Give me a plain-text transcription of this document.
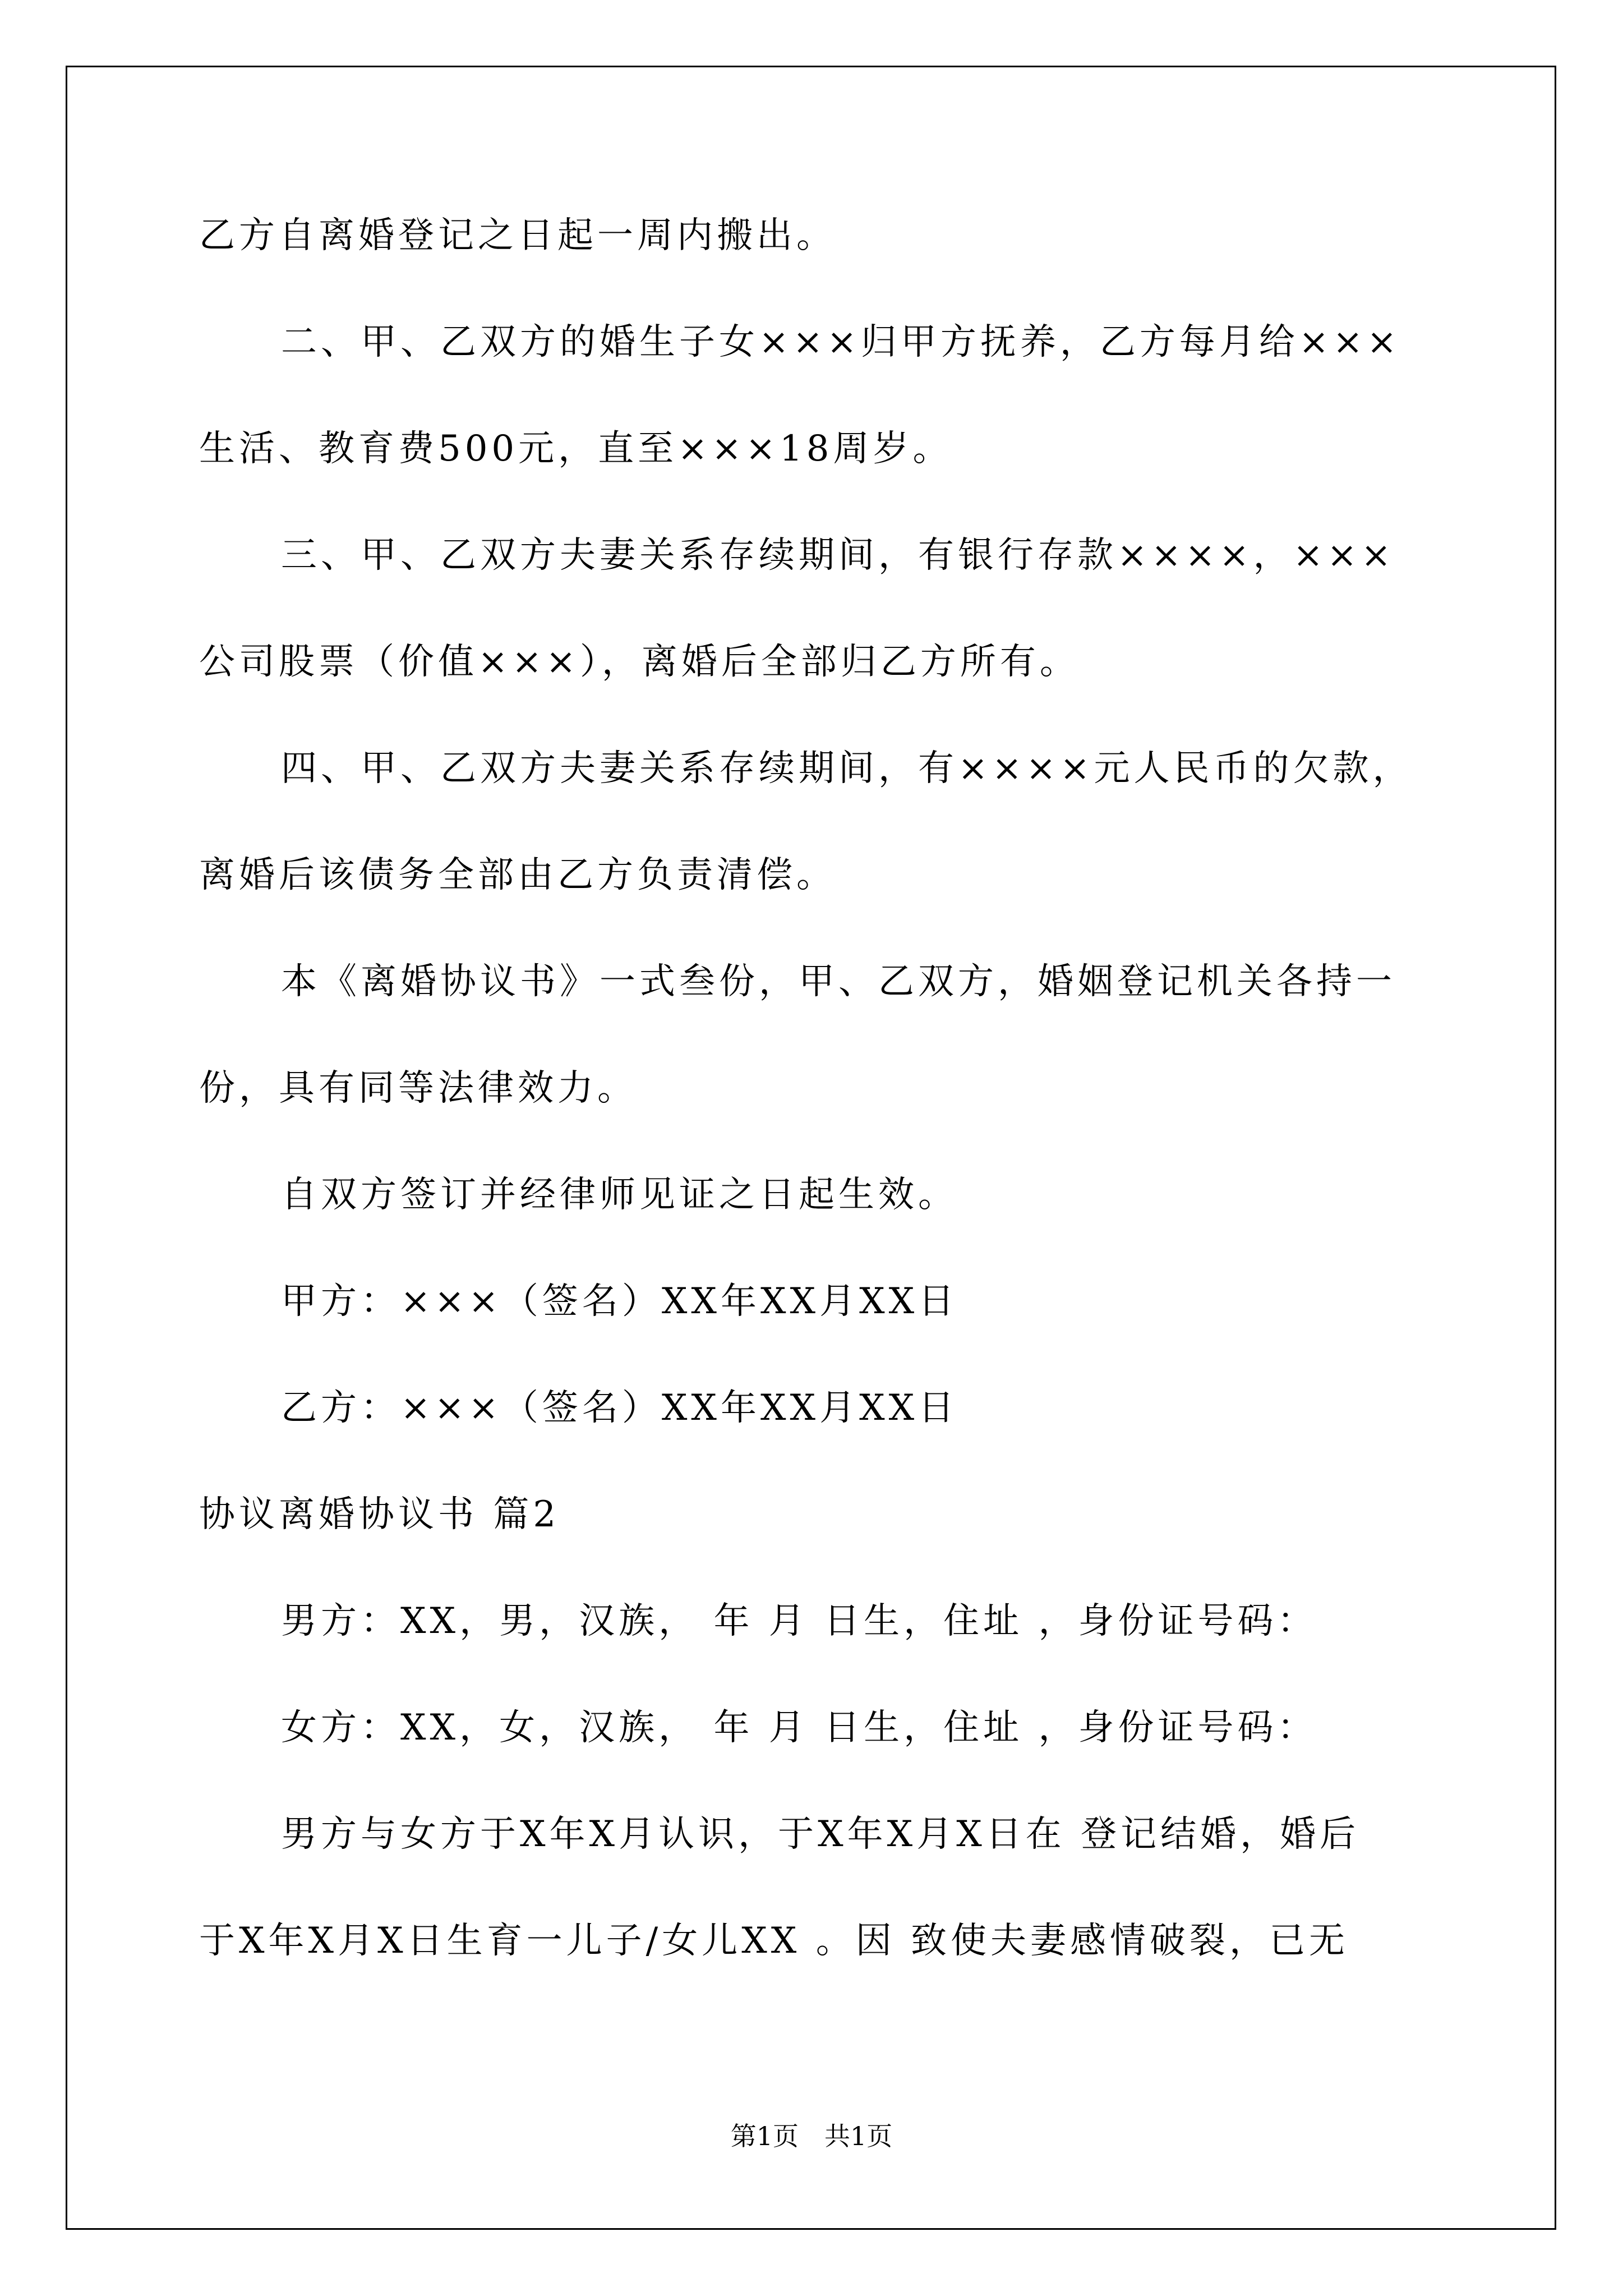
乙方自离婚登记之日起一周内搬出。
二、甲、乙双方的婚生子女×××归甲方抚养，乙方每月给×××
生活、教育费500元，直至×××18周岁。
三、甲、乙双方夫妻关系存续期间，有银行存款××××，×××
公司股票（价值×××），离婚后全部归乙方所有。
四、甲、乙双方夫妻关系存续期间，有××××元人民币的欠款，
离婚后该债务全部由乙方负责清偿。
本《离婚协议书》一式叁份，甲、乙双方，婚姻登记机关各持一
份，具有同等法律效力。
自双方签订并经律师见证之日起生效。
甲方：×××（签名）XX年XX月XX日
乙方：×××（签名）XX年XX月XX日
协议离婚协议书 篇2
男方：XX，男，汉族， 年 月 日生，住址 ，身份证号码：
女方：XX，女，汉族， 年 月 日生，住址 ，身份证号码：
男方与女方于X年X月认识，于X年X月X日在 登记结婚，婚后
于X年X月X日生育一儿子/女儿XX 。因 致使夫妻感情破裂，已无
第1页　共1页
